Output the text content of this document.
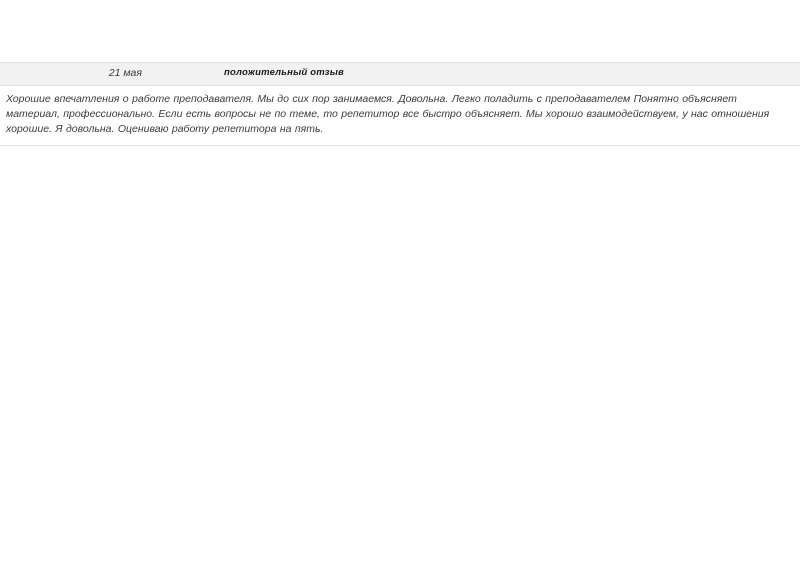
21 мая	положительный отзыв
Хорошие впечатления о работе преподавателя. Мы до сих пор занимаемся. Довольна. Легко поладить с преподавателем Понятно объясняет материал, профессионально. Если есть вопросы не по теме, то репетитор все быстро объясняет. Мы хорошо взаимодействуем, у нас отношения хорошие. Я довольна. Оцениваю работу репетитора на пять.
